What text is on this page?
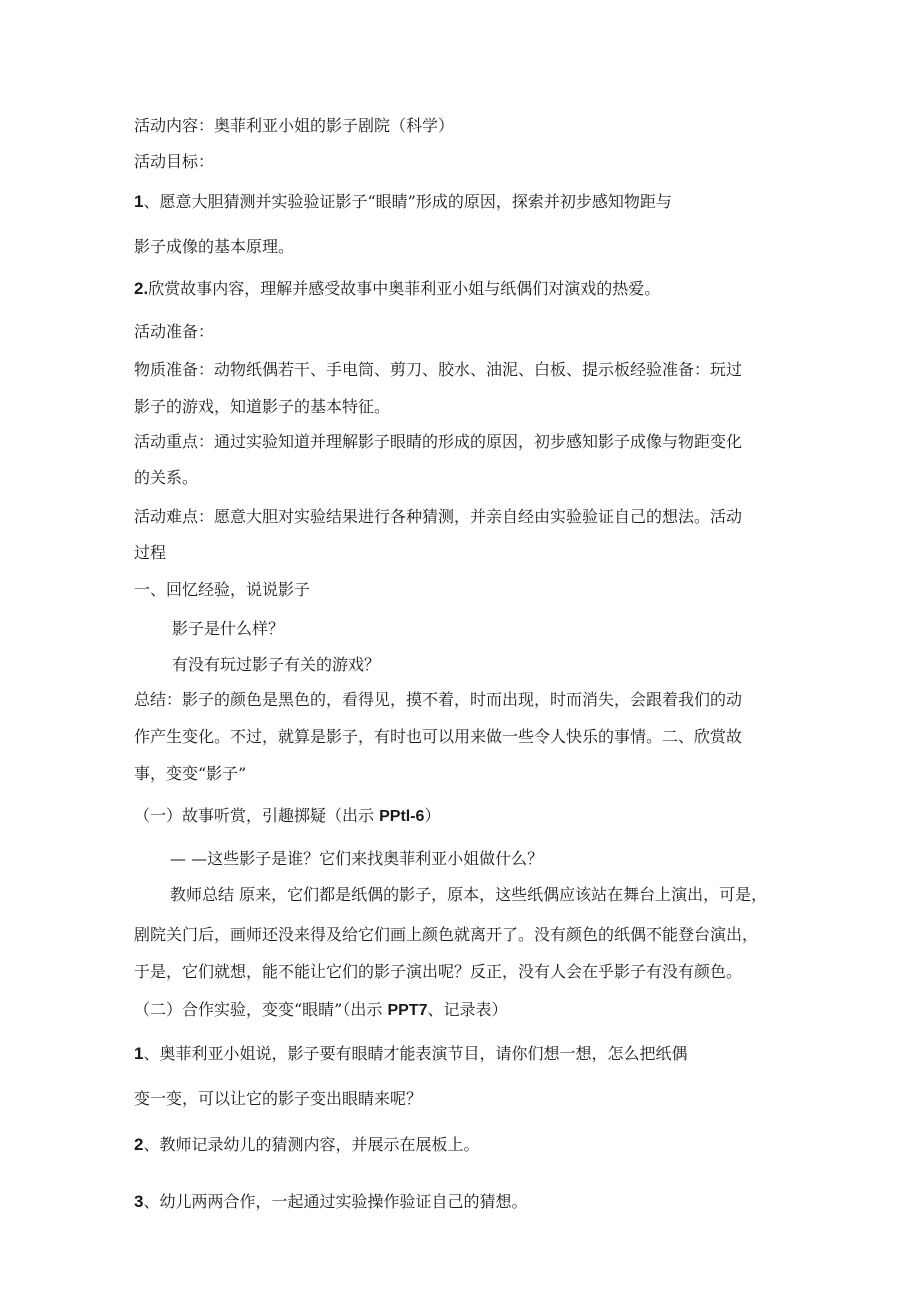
活动内容：奥菲利亚小姐的影子剧院（科学）
活动目标：
1、愿意大胆猜测并实验验证影子“眼睛”形成的原因，探索并初步感知物距与
影子成像的基本原理。
2.欣赏故事内容，理解并感受故事中奥菲利亚小姐与纸偶们对演戏的热爱。
活动准备：
物质准备：动物纸偶若干、手电筒、剪刀、胶水、油泥、白板、提示板经验准备：玩过
影子的游戏，知道影子的基本特征。
活动重点：通过实验知道并理解影子眼睛的形成的原因，初步感知影子成像与物距变化
的关系。
活动难点：愿意大胆对实验结果进行各种猜测，并亲自经由实验验证自己的想法。活动
过程
一、回忆经验，说说影子
影子是什么样？
有没有玩过影子有关的游戏？
总结：影子的颜色是黑色的，看得见，摸不着，时而出现，时而消失，会跟着我们的动
作产生变化。不过，就算是影子，有时也可以用来做一些令人快乐的事情。二、欣赏故
事，变变“影子”
（一）故事听赏，引趣掷疑（出示 PPtl-6）
— —这些影子是谁？它们来找奥菲利亚小姐做什么？
教师总结 原来，它们都是纸偶的影子，原本，这些纸偶应该站在舞台上演出，可是，
剧院关门后，画师还没来得及给它们画上颜色就离开了。没有颜色的纸偶不能登台演出，
于是，它们就想，能不能让它们的影子演出呢？反正，没有人会在乎影子有没有颜色。
（二）合作实验，变变“眼睛”（出示 PPT7、记录表）
1、奥菲利亚小姐说，影子要有眼睛才能表演节目，请你们想一想，怎么把纸偶
变一变，可以让它的影子变出眼睛来呢？
2、教师记录幼儿的猜测内容，并展示在展板上。
3、幼儿两两合作，一起通过实验操作验证自己的猜想。
